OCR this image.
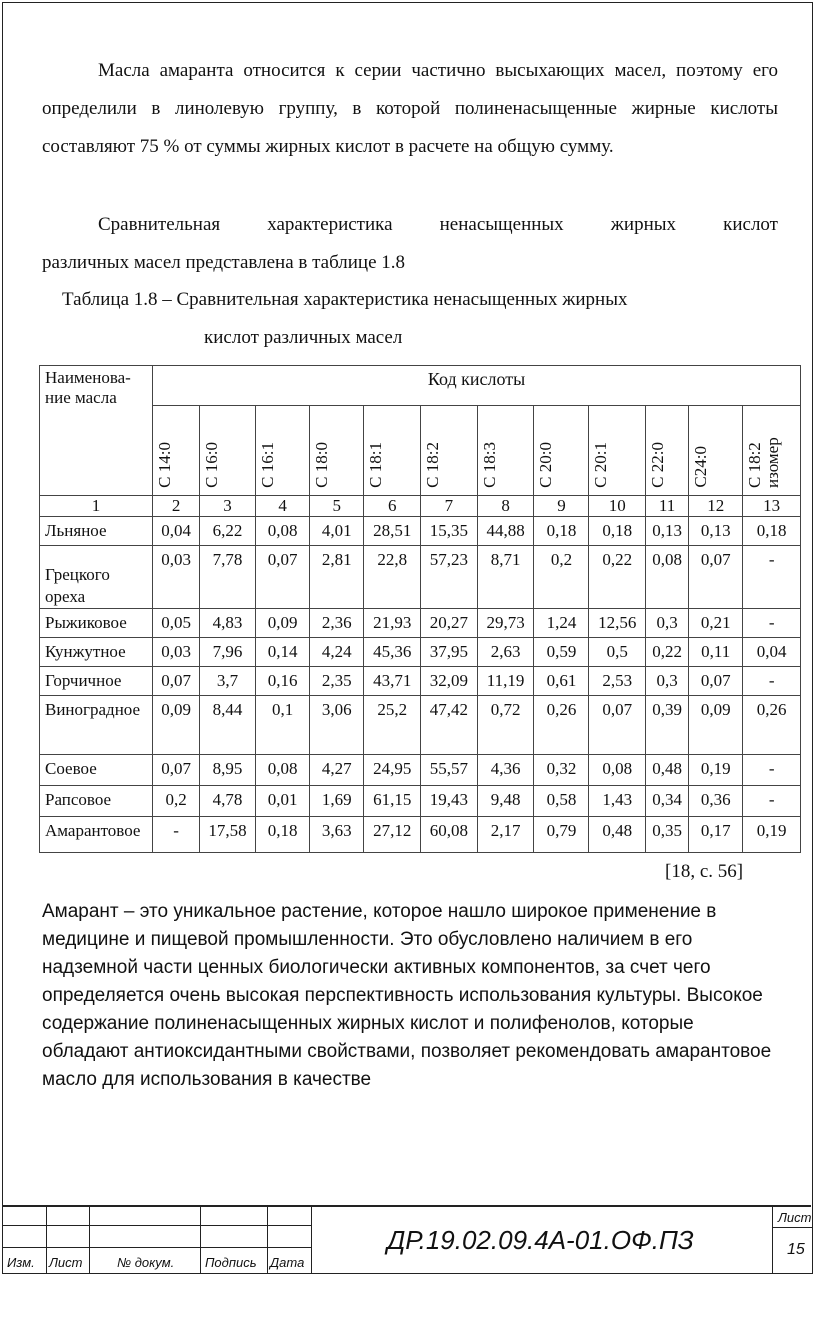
Масла амаранта относится к серии частично высыхающих масел, поэтому его определили в линолевую группу, в которой полиненасыщенные жирные кислоты составляют 75 % от суммы жирных кислот в расчете на общую сумму.
Сравнительная характеристика ненасыщенных жирных кислот
различных масел представлена в таблице 1.8
Таблица 1.8 – Сравнительная характеристика ненасыщенных жирных
кислот различных масел
Наименова-ние масла	Код кислоты											
	С 14:0	С 16:0	С 16:1	С 18:0	С 18:1	С 18:2	С 18:3	С 20:0	С 20:1	С 22:0	С24:0	С 18:2 изомер
1	2	3	4	5	6	7	8	9	10	11	12	13
Льняное	0,04	6,22	0,08	4,01	28,51	15,35	44,88	0,18	0,18	0,13	0,13	0,18
Грецкого ореха	0,03	7,78	0,07	2,81	22,8	57,23	8,71	0,2	0,22	0,08	0,07	-
Рыжиковое	0,05	4,83	0,09	2,36	21,93	20,27	29,73	1,24	12,56	0,3	0,21	-
Кунжутное	0,03	7,96	0,14	4,24	45,36	37,95	2,63	0,59	0,5	0,22	0,11	0,04
Горчичное	0,07	3,7	0,16	2,35	43,71	32,09	11,19	0,61	2,53	0,3	0,07	-
Виноградное	0,09	8,44	0,1	3,06	25,2	47,42	0,72	0,26	0,07	0,39	0,09	0,26
Соевое	0,07	8,95	0,08	4,27	24,95	55,57	4,36	0,32	0,08	0,48	0,19	-
Рапсовое	0,2	4,78	0,01	1,69	61,15	19,43	9,48	0,58	1,43	0,34	0,36	-
Амарантовое	-	17,58	0,18	3,63	27,12	60,08	2,17	0,79	0,48	0,35	0,17	0,19
[18, с. 56]
Амарант – это уникальное растение, которое нашло широкое применение в медицине и пищевой промышленности. Это обусловлено наличием в его надземной части ценных биологически активных компонентов, за счет чего определяется очень высокая перспективность использования культуры. Высокое содержание полиненасыщенных жирных кислот и полифенолов, которые обладают антиоксидантными свойствами, позволяет рекомендовать амарантовое масло для использования в качестве
Изм. Лист	№ докум. Подпись Дата
ДР.19.02.09.4А-01.ОФ.ПЗ
Лист
15
